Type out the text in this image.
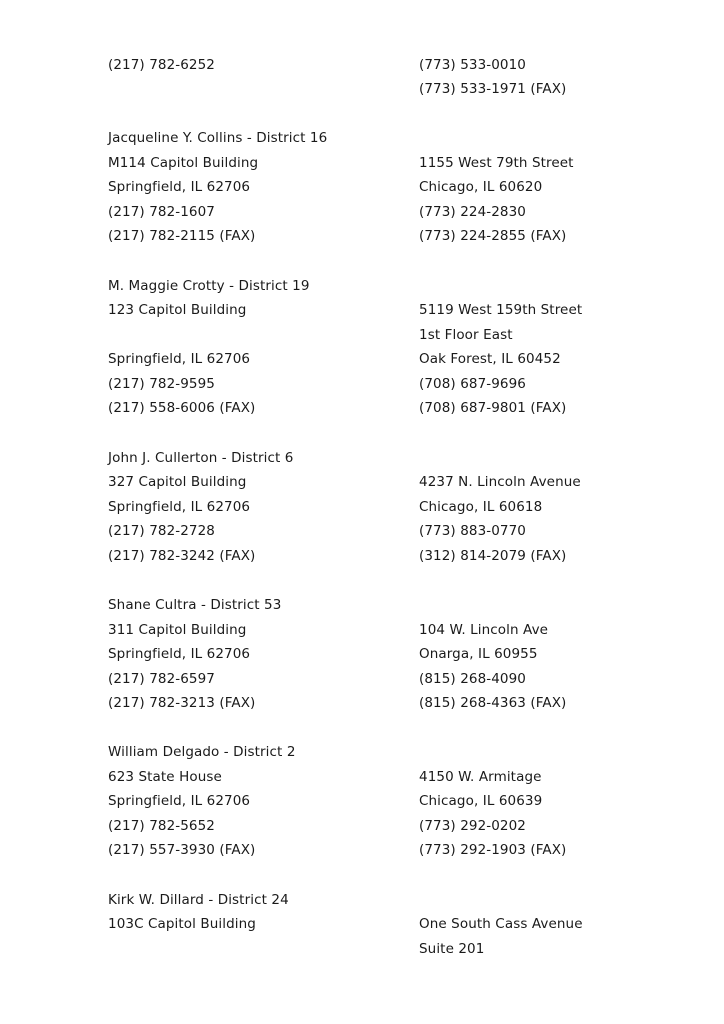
(217) 782-6252	(773) 533-0010
(773) 533-1971 (FAX)
Jacqueline Y. Collins - District 16
M114 Capitol Building
Springfield, IL 62706
(217) 782-1607
(217) 782-2115 (FAX)
1155 West 79th Street
Chicago, IL 60620
(773) 224-2830
(773) 224-2855 (FAX)
M. Maggie Crotty - District 19
123 Capitol Building
Springfield, IL 62706
(217) 782-9595
(217) 558-6006 (FAX)
5119 West 159th Street
1st Floor East
Oak Forest, IL 60452
(708) 687-9696
(708) 687-9801 (FAX)
John J. Cullerton - District 6
327 Capitol Building
Springfield, IL 62706
(217) 782-2728
(217) 782-3242 (FAX)
4237 N. Lincoln Avenue
Chicago, IL 60618
(773) 883-0770
(312) 814-2079 (FAX)
Shane Cultra - District 53
311 Capitol Building
Springfield, IL 62706
(217) 782-6597
(217) 782-3213 (FAX)
104 W. Lincoln Ave
Onarga, IL 60955
(815) 268-4090
(815) 268-4363 (FAX)
William Delgado - District 2
623 State House
Springfield, IL 62706
(217) 782-5652
(217) 557-3930 (FAX)
4150 W. Armitage
Chicago, IL 60639
(773) 292-0202
(773) 292-1903 (FAX)
Kirk W. Dillard - District 24
103C Capitol Building	One South Cass Avenue
Suite 201
